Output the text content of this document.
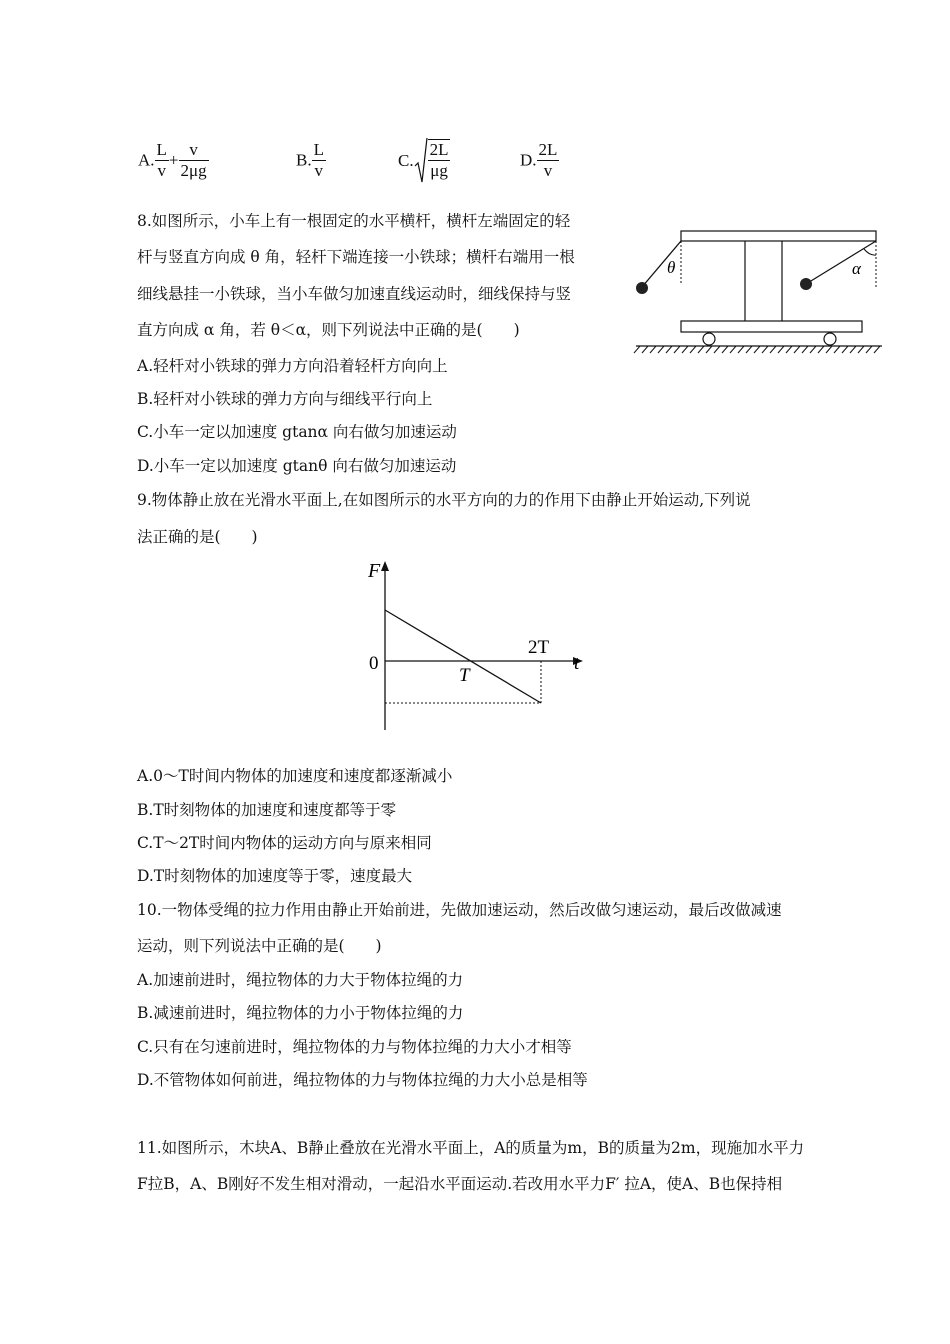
A. $\frac{L}{v} + \frac{v}{2\mu g}$	B. $\frac{L}{v}$	C. $\frac{2L}{\mu g}$	D. $\frac{2L}{v}$
8.如图所示，小车上有一根固定的水平横杆，横杆左端固定的轻
杆与竖直方向成 θ 角，轻杆下端连接一小铁球；横杆右端用一根
细线悬挂一小铁球，当小车做匀加速直线运动时，细线保持与竖
直方向成 α 角，若 θ＜α，则下列说法中正确的是(　　)
A.轻杆对小铁球的弹力方向沿着轻杆方向向上
B.轻杆对小铁球的弹力方向与细线平行向上
C.小车一定以加速度 gtanα 向右做匀加速运动
D.小车一定以加速度 gtanθ 向右做匀加速运动
θ	α
9.物体静止放在光滑水平面上,在如图所示的水平方向的力的作用下由静止开始运动,下列说
法正确的是(　　)
F
t
0
T
2T
A.0～T时间内物体的加速度和速度都逐渐减小
B.T时刻物体的加速度和速度都等于零
C.T～2T时间内物体的运动方向与原来相同
D.T时刻物体的加速度等于零，速度最大
10.一物体受绳的拉力作用由静止开始前进，先做加速运动，然后改做匀速运动，最后改做减速
运动，则下列说法中正确的是(　　)
A.加速前进时，绳拉物体的力大于物体拉绳的力
B.减速前进时，绳拉物体的力小于物体拉绳的力
C.只有在匀速前进时，绳拉物体的力与物体拉绳的力大小才相等
D.不管物体如何前进，绳拉物体的力与物体拉绳的力大小总是相等
11.如图所示，木块A、B静止叠放在光滑水平面上，A的质量为m，B的质量为2m，现施加水平力
F拉B，A、B刚好不发生相对滑动，一起沿水平面运动.若改用水平力F′ 拉A，使A、B也保持相
